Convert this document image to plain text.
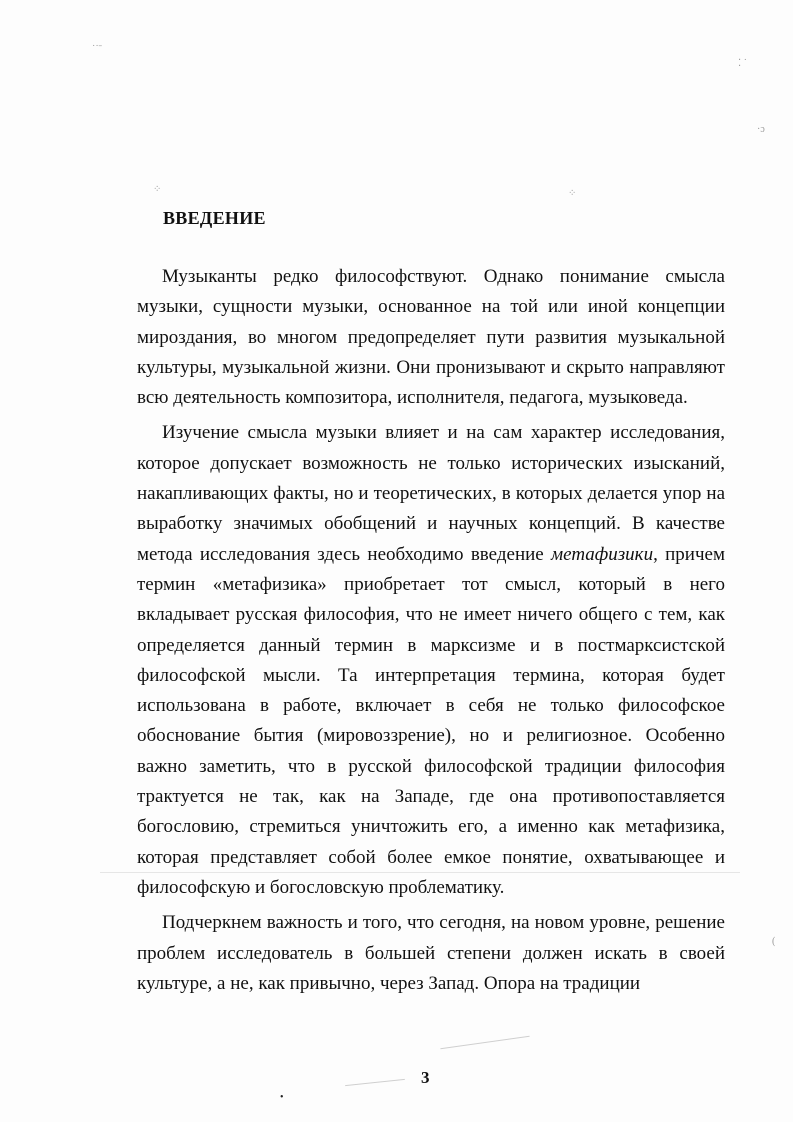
˙˙ˉ
⁚ ˙
·ɔ
⁘	⁘
(
•
ВВЕДЕНИЕ

Музыканты редко философствуют. Однако понимание смысла музыки, сущности музыки, основанное на той или иной концепции мироздания, во многом предопределяет пути развития музыкальной культуры, музыкальной жизни. Они пронизывают и скрыто направляют всю деятельность композитора, исполнителя, педагога, музыковеда.

Изучение смысла музыки влияет и на сам характер исследования, которое допускает возможность не только исторических изысканий, накапливающих факты, но и теоретических, в которых делается упор на выработку значимых обобщений и научных концепций. В качестве метода исследования здесь необходимо введение метафизики, причем термин «метафизика» приобретает тот смысл, который в него вкладывает русская философия, что не имеет ничего общего с тем, как определяется данный термин в марксизме и в постмарксистской философской мысли. Та интерпретация термина, которая будет использована в работе, включает в себя не только философское обоснование бытия (мировоззрение), но и религиозное. Особенно важно заметить, что в русской философской традиции философия трактуется не так, как на Западе, где она противопоставляется богословию, стремиться уничтожить его, а именно как метафизика, которая представляет собой более емкое понятие, охватывающее и философскую и богословскую проблематику.

Подчеркнем важность и того, что сегодня, на новом уровне, решение проблем исследователь в большей степени должен искать в своей культуре, а не, как привычно, через Запад. Опора на традиции

3
